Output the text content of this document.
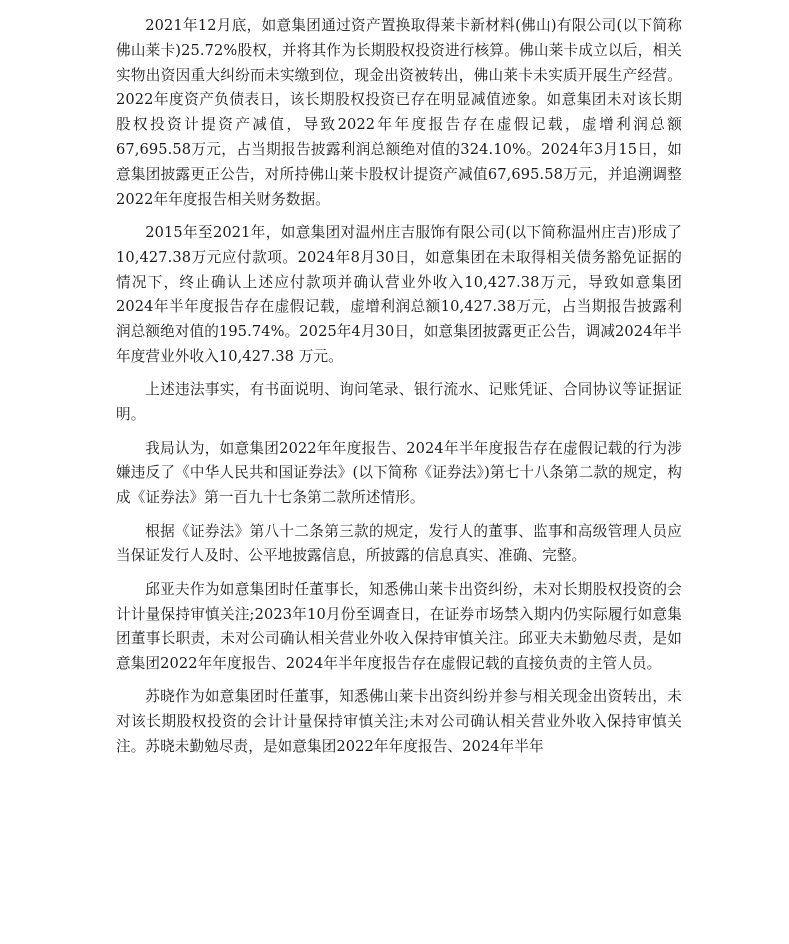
2021年12月底，如意集团通过资产置换取得莱卡新材料(佛山)有限公司(以下简称佛山莱卡)25.72%股权，并将其作为长期股权投资进行核算。佛山莱卡成立以后，相关实物出资因重大纠纷而未实缴到位，现金出资被转出，佛山莱卡未实质开展生产经营。2022年度资产负债表日，该长期股权投资已存在明显减值迹象。如意集团未对该长期股权投资计提资产减值，导致2022年年度报告存在虚假记载，虚增利润总额67,695.58万元，占当期报告披露利润总额绝对值的324.10%。2024年3月15日，如意集团披露更正公告，对所持佛山莱卡股权计提资产减值67,695.58万元，并追溯调整2022年年度报告相关财务数据。

2015年至2021年，如意集团对温州庄吉服饰有限公司(以下简称温州庄吉)形成了10,427.38万元应付款项。2024年8月30日，如意集团在未取得相关债务豁免证据的情况下，终止确认上述应付款项并确认营业外收入10,427.38万元，导致如意集团2024年半年度报告存在虚假记载，虚增利润总额10,427.38万元，占当期报告披露利润总额绝对值的195.74%。2025年4月30日，如意集团披露更正公告，调减2024年半年度营业外收入10,427.38 万元。

上述违法事实，有书面说明、询问笔录、银行流水、记账凭证、合同协议等证据证明。

我局认为，如意集团2022年年度报告、2024年半年度报告存在虚假记载的行为涉嫌违反了《中华人民共和国证券法》(以下简称《证券法》)第七十八条第二款的规定，构成《证券法》第一百九十七条第二款所述情形。

根据《证券法》第八十二条第三款的规定，发行人的董事、监事和高级管理人员应当保证发行人及时、公平地披露信息，所披露的信息真实、准确、完整。

邱亚夫作为如意集团时任董事长，知悉佛山莱卡出资纠纷，未对长期股权投资的会计计量保持审慎关注;2023年10月份至调查日，在证券市场禁入期内仍实际履行如意集团董事长职责，未对公司确认相关营业外收入保持审慎关注。邱亚夫未勤勉尽责，是如意集团2022年年度报告、2024年半年度报告存在虚假记载的直接负责的主管人员。

苏晓作为如意集团时任董事，知悉佛山莱卡出资纠纷并参与相关现金出资转出，未对该长期股权投资的会计计量保持审慎关注;未对公司确认相关营业外收入保持审慎关注。苏晓未勤勉尽责，是如意集团2022年年度报告、2024年半年
